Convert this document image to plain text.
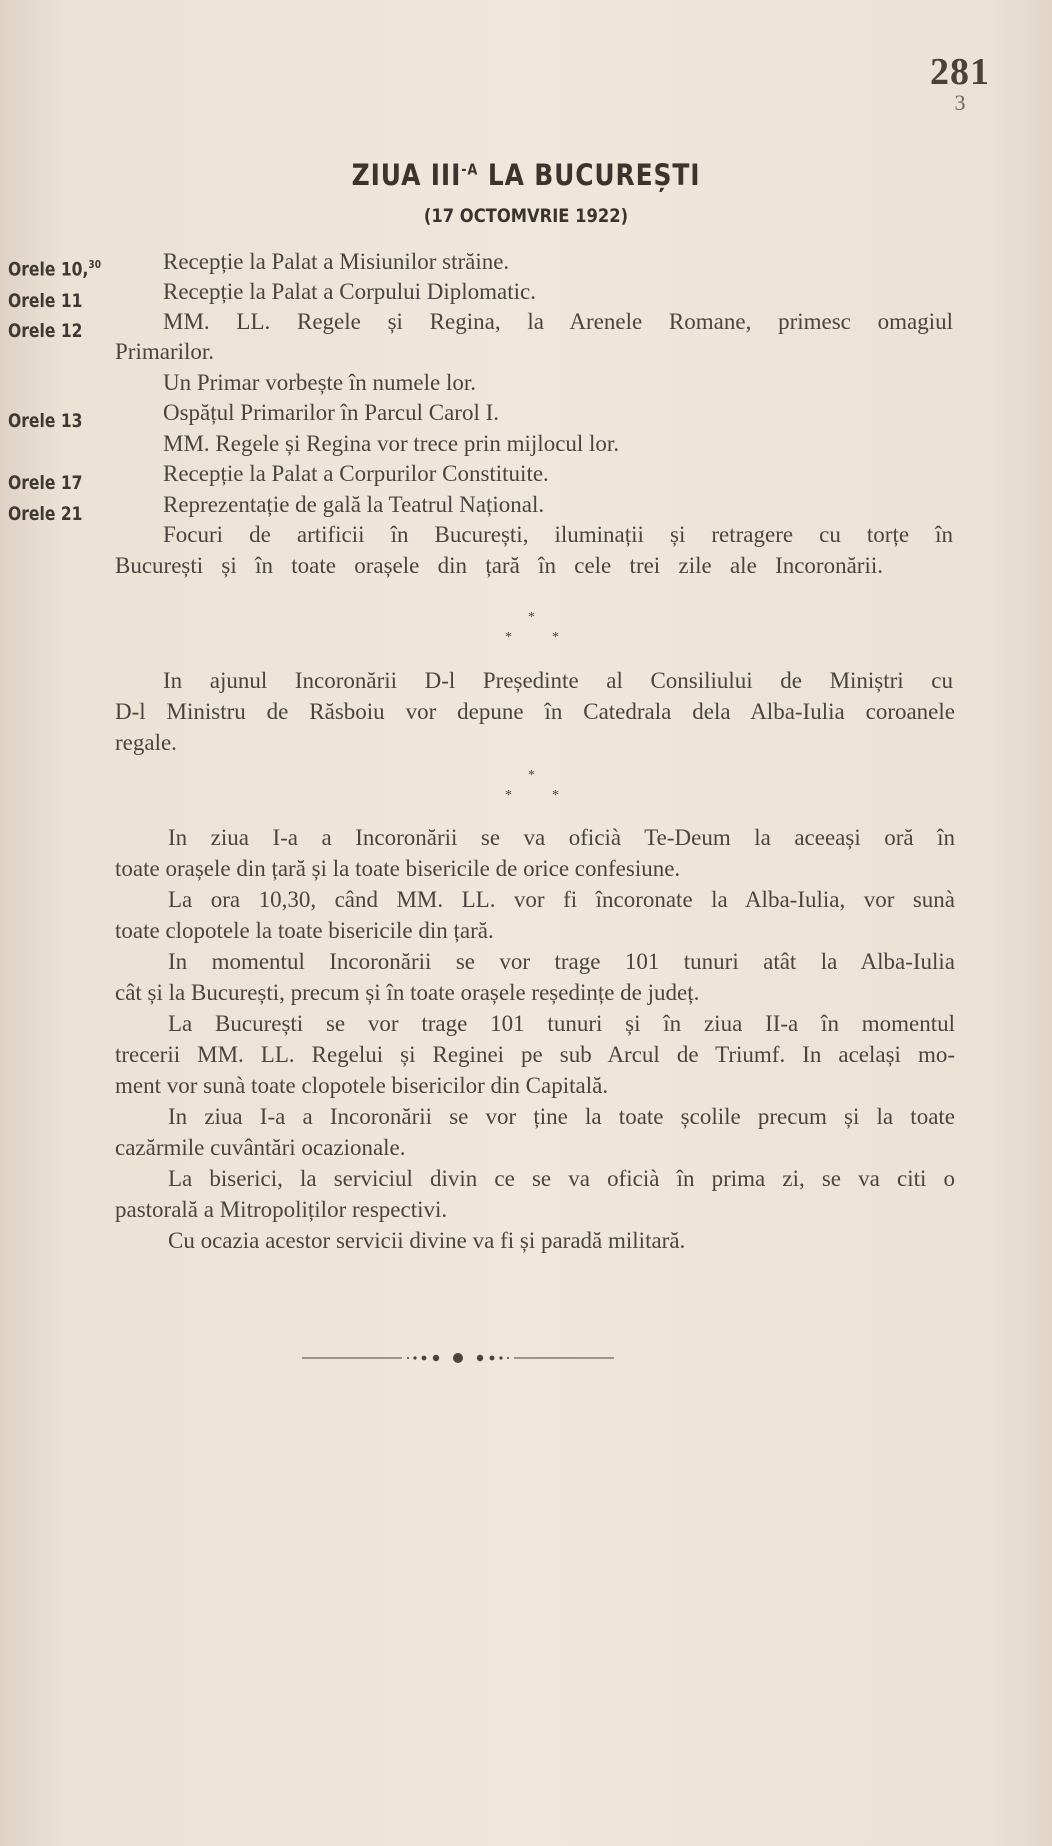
281
3
ZIUA $III^{-A}$ LA BUCUREȘTI
(17 OCTOMVRIE 1922)
Orele 10,30
Orele 11
Orele 12
Orele 13
Orele 17
Orele 21
Recepție la Palat a Misiunilor străine.
Recepție la Palat a Corpului Diplomatic.
MM. LL. Regele și Regina, la Arenele Romane, primesc omagiul
Primarilor.
Un Primar vorbește în numele lor.
Ospățul Primarilor în Parcul Carol I.
MM. Regele și Regina vor trece prin mijlocul lor.
Recepție la Palat a Corpurilor Constituite.
Reprezentație de gală la Teatrul Național.
Focuri de artificii în București, iluminații și retragere cu torțe în
București și în toate orașele din țară în cele trei zile ale Incoronării.
*
*	*
In ajunul Incoronării D-l Președinte al Consiliului de Miniștri cu
D-l Ministru de Răsboiu vor depune în Catedrala dela Alba-Iulia coroanele
regale.
*
*	*
In ziua I-a a Incoronării se va oficià Te-Deum la aceeași oră în
toate orașele din țară și la toate bisericile de orice confesiune.
La ora 10,30, când MM. LL. vor fi încoronate la Alba-Iulia, vor sunà
toate clopotele la toate bisericile din țară.
In momentul Incoronării se vor trage 101 tunuri atât la Alba-Iulia
cât și la București, precum și în toate orașele reședințe de județ.
La București se vor trage 101 tunuri și în ziua II-a în momentul
trecerii MM. LL. Regelui și Reginei pe sub Arcul de Triumf. In același mo-
ment vor sunà toate clopotele bisericilor din Capitală.
In ziua I-a a Incoronării se vor ține la toate școlile precum și la toate
cazărmile cuvântări ocazionale.
La biserici, la serviciul divin ce se va oficià în prima zi, se va citi o
pastorală a Mitropoliților respectivi.
Cu ocazia acestor servicii divine va fi și paradă militară.
